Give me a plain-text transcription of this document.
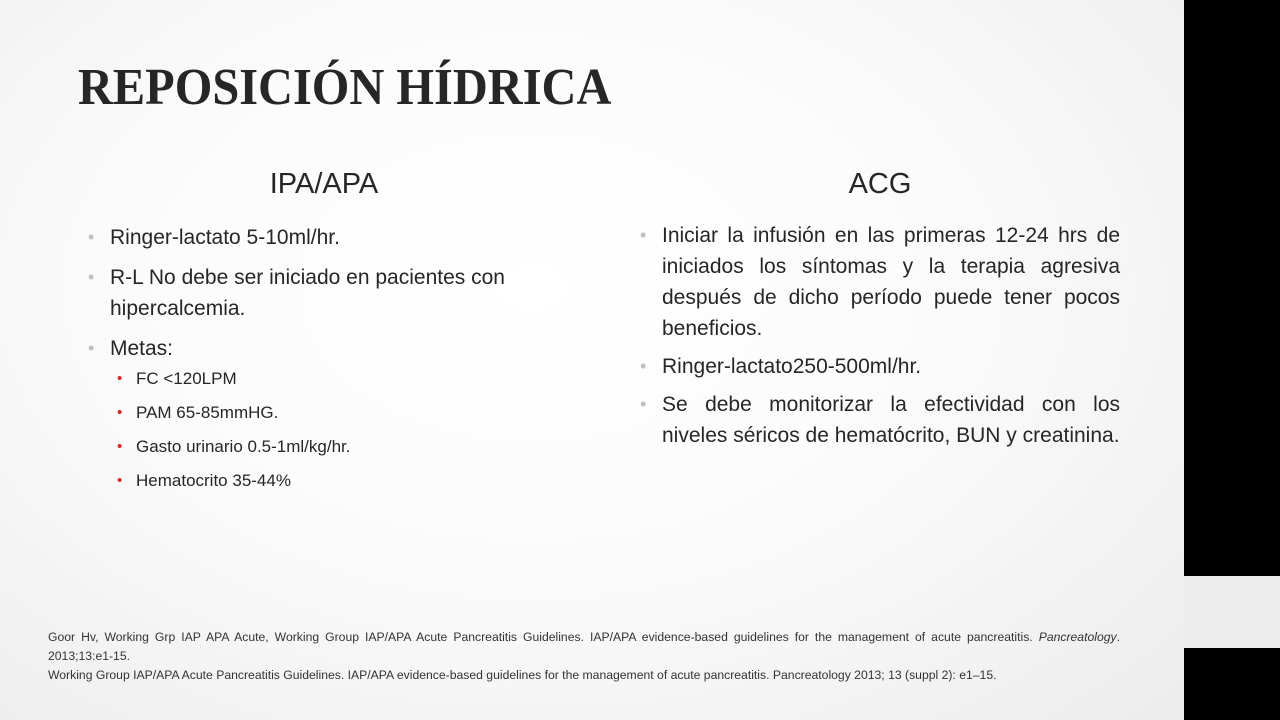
REPOSICIÓN HÍDRICA
IPA/APA	ACG
• Ringer-lactato 5-10ml/hr.
• R-L No debe ser iniciado en pacientes con hipercalcemia.
• Metas:
• FC <120LPM
• PAM 65-85mmHG.
• Gasto urinario 0.5-1ml/kg/hr.
• Hematocrito 35-44%
• Iniciar la infusión en las primeras 12-24 hrs de iniciados los síntomas y la terapia agresiva después de dicho período puede tener pocos beneficios.
• Ringer-lactato250-500ml/hr.
• Se debe monitorizar la efectividad con los niveles séricos de hematócrito, BUN y creatinina.

Goor Hv, Working Grp IAP APA Acute, Working Group IAP/APA Acute Pancreatitis Guidelines. IAP/APA evidence-based guidelines for the management of acute pancreatitis. Pancreatology. 2013;13:e1-15.

Working Group IAP/APA Acute Pancreatitis Guidelines. IAP/APA evidence-based guidelines for the management of acute pancreatitis. Pancreatology 2013; 13 (suppl 2): e1–15.
